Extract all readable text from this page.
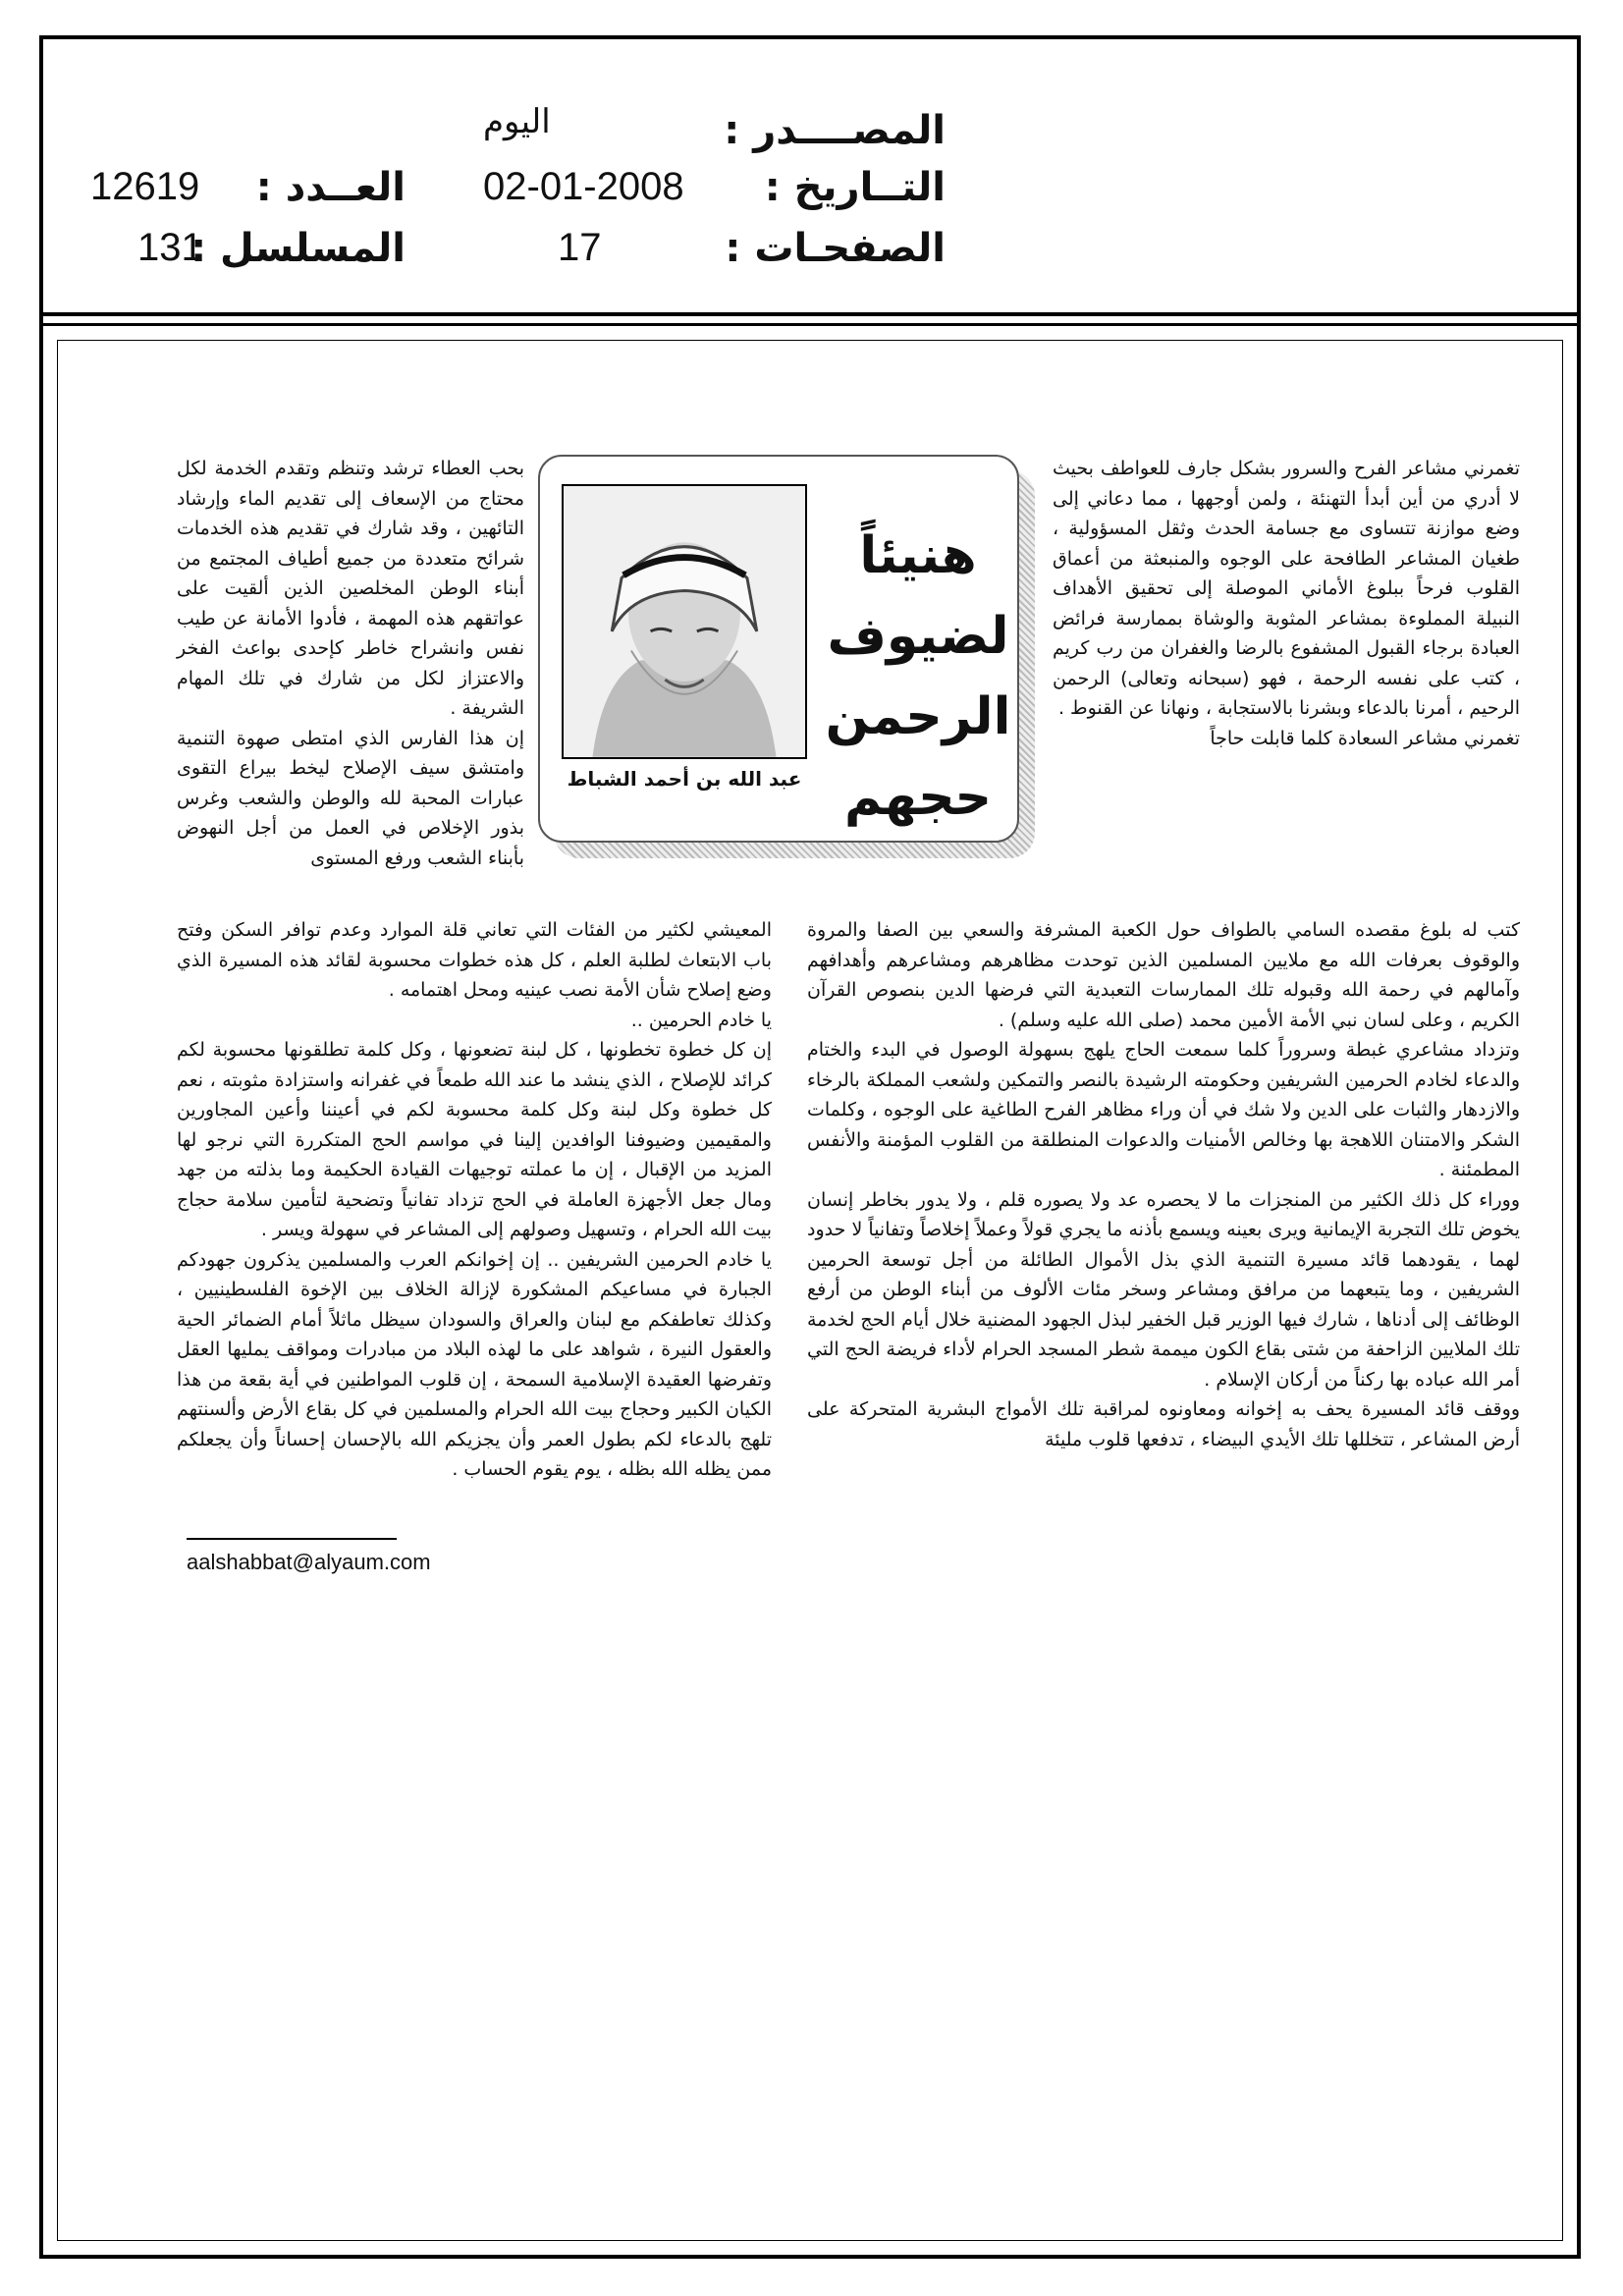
المصــــدر :
اليوم
التــاريخ :
02-01-2008
العــدد :
12619
الصفحـات :
17
المسلسل :
131
هنيئاً
لضيوف
الرحمن
حجهم
عبد الله بن أحمد الشباط

تغمرني مشاعر الفرح والسرور بشكل جارف للعواطف بحيث لا أدري من أين أبدأ التهنئة ، ولمن أوجهها ، مما دعاني إلى وضع موازنة تتساوى مع جسامة الحدث وثقل المسؤولية ، طغيان المشاعر الطافحة على الوجوه والمنبعثة من أعماق القلوب فرحاً ببلوغ الأماني الموصلة إلى تحقيق الأهداف النبيلة المملوءة بمشاعر المثوبة والوشاة بممارسة فرائض العبادة برجاء القبول المشفوع بالرضا والغفران من رب كريم ، كتب على نفسه الرحمة ، فهو (سبحانه وتعالى) الرحمن الرحيم ، أمرنا بالدعاء وبشرنا بالاستجابة ، ونهانا عن القنوط .

تغمرني مشاعر السعادة كلما قابلت حاجاً

كتب له بلوغ مقصده السامي بالطواف حول الكعبة المشرفة والسعي بين الصفا والمروة والوقوف بعرفات الله مع ملايين المسلمين الذين توحدت مظاهرهم ومشاعرهم وأهدافهم وآمالهم في رحمة الله وقبوله تلك الممارسات التعبدية التي فرضها الدين بنصوص القرآن الكريم ، وعلى لسان نبي الأمة الأمين محمد (صلى الله عليه وسلم) .

وتزداد مشاعري غبطة وسروراً كلما سمعت الحاج يلهج بسهولة الوصول في البدء والختام والدعاء لخادم الحرمين الشريفين وحكومته الرشيدة بالنصر والتمكين ولشعب المملكة بالرخاء والازدهار والثبات على الدين ولا شك في أن وراء مظاهر الفرح الطاغية على الوجوه ، وكلمات الشكر والامتنان اللاهجة بها وخالص الأمنيات والدعوات المنطلقة من القلوب المؤمنة والأنفس المطمئنة .

ووراء كل ذلك الكثير من المنجزات ما لا يحصره عد ولا يصوره قلم ، ولا يدور بخاطر إنسان يخوض تلك التجربة الإيمانية ويرى بعينه ويسمع بأذنه ما يجري قولاً وعملاً إخلاصاً وتفانياً لا حدود لهما ، يقودهما قائد مسيرة التنمية الذي بذل الأموال الطائلة من أجل توسعة الحرمين الشريفين ، وما يتبعهما من مرافق ومشاعر وسخر مئات الألوف من أبناء الوطن من أرفع الوظائف إلى أدناها ، شارك فيها الوزير قبل الخفير لبذل الجهود المضنية خلال أيام الحج لخدمة تلك الملايين الزاحفة من شتى بقاع الكون ميممة شطر المسجد الحرام لأداء فريضة الحج التي أمر الله عباده بها ركناً من أركان الإسلام .

ووقف قائد المسيرة يحف به إخوانه ومعاونوه لمراقبة تلك الأمواج البشرية المتحركة على أرض المشاعر ، تتخللها تلك الأيدي البيضاء ، تدفعها قلوب مليئة

بحب العطاء ترشد وتنظم وتقدم الخدمة لكل محتاج من الإسعاف إلى تقديم الماء وإرشاد التائهين ، وقد شارك في تقديم هذه الخدمات شرائح متعددة من جميع أطياف المجتمع من أبناء الوطن المخلصين الذين ألقيت على عواتقهم هذه المهمة ، فأدوا الأمانة عن طيب نفس وانشراح خاطر كإحدى بواعث الفخر والاعتزاز لكل من شارك في تلك المهام الشريفة .

إن هذا الفارس الذي امتطى صهوة التنمية وامتشق سيف الإصلاح ليخط بيراع التقوى عبارات المحبة لله والوطن والشعب وغرس بذور الإخلاص في العمل من أجل النهوض بأبناء الشعب ورفع المستوى

المعيشي لكثير من الفئات التي تعاني قلة الموارد وعدم توافر السكن وفتح باب الابتعاث لطلبة العلم ، كل هذه خطوات محسوبة لقائد هذه المسيرة الذي وضع إصلاح شأن الأمة نصب عينيه ومحل اهتمامه .

يا خادم الحرمين ..

إن كل خطوة تخطونها ، كل لبنة تضعونها ، وكل كلمة تطلقونها محسوبة لكم كرائد للإصلاح ، الذي ينشد ما عند الله طمعاً في غفرانه واستزادة مثوبته ، نعم كل خطوة وكل لبنة وكل كلمة محسوبة لكم في أعيننا وأعين المجاورين والمقيمين وضيوفنا الوافدين إلينا في مواسم الحج المتكررة التي نرجو لها المزيد من الإقبال ، إن ما عملته توجيهات القيادة الحكيمة وما بذلته من جهد ومال جعل الأجهزة العاملة في الحج تزداد تفانياً وتضحية لتأمين سلامة حجاج بيت الله الحرام ، وتسهيل وصولهم إلى المشاعر في سهولة ويسر .

يا خادم الحرمين الشريفين .. إن إخوانكم العرب والمسلمين يذكرون جهودكم الجبارة في مساعيكم المشكورة لإزالة الخلاف بين الإخوة الفلسطينيين ، وكذلك تعاطفكم مع لبنان والعراق والسودان سيظل ماثلاً أمام الضمائر الحية والعقول النيرة ، شواهد على ما لهذه البلاد من مبادرات ومواقف يمليها العقل وتفرضها العقيدة الإسلامية السمحة ، إن قلوب المواطنين في أية بقعة من هذا الكيان الكبير وحجاج بيت الله الحرام والمسلمين في كل بقاع الأرض وألسنتهم تلهج بالدعاء لكم بطول العمر وأن يجزيكم الله بالإحسان إحساناً وأن يجعلكم ممن يظله الله بظله ، يوم يقوم الحساب .

aalshabbat@alyaum.com
